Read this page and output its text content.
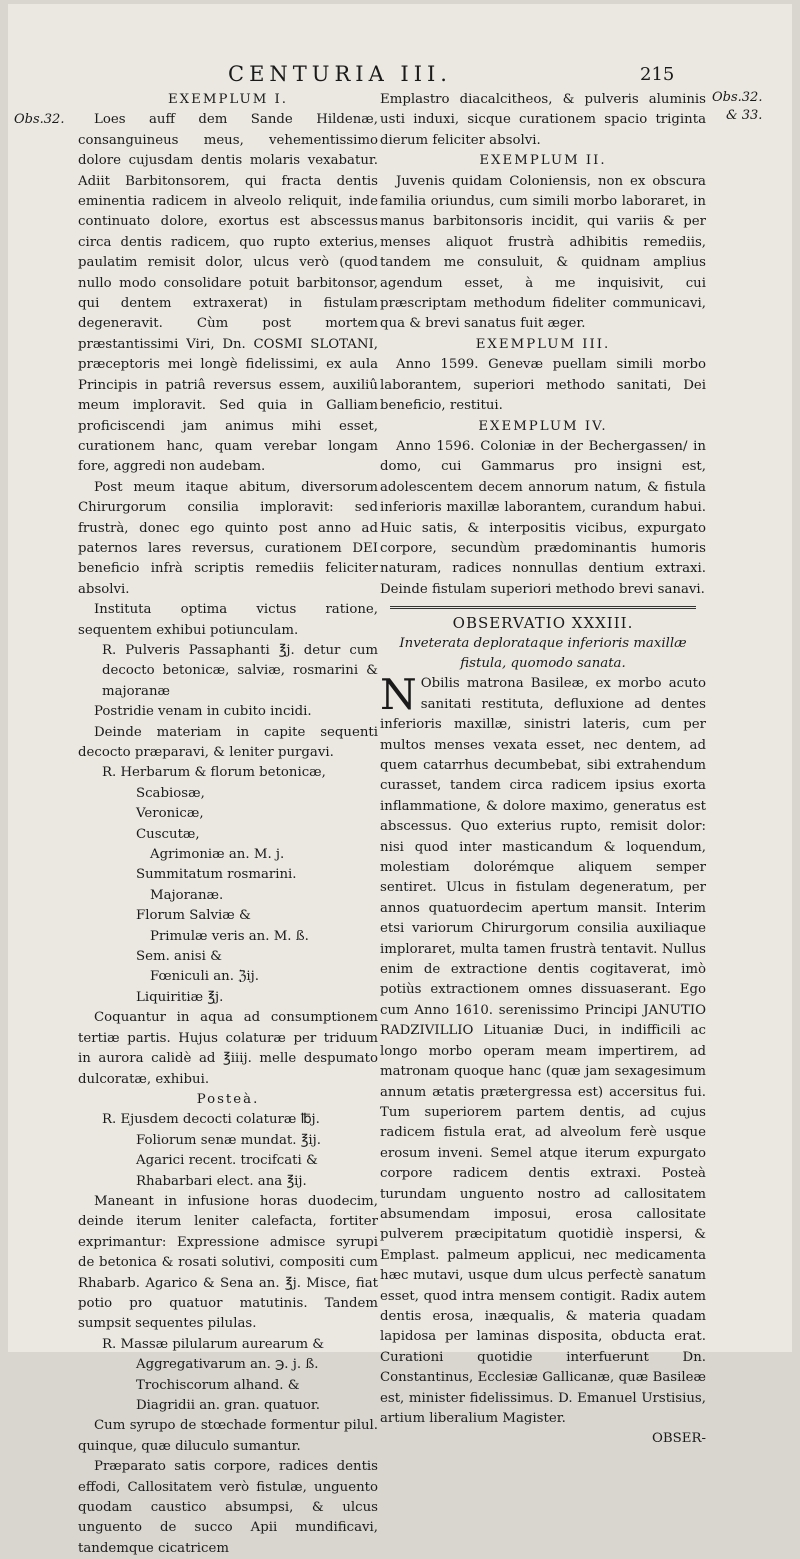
CENTURIA III.	215
Obs.32.
Obs.32.
& 33.

EXEMPLUM I.

Loes auff dem Sande Hildenæ, consanguineus meus, vehementissimo dolore cujusdam dentis molaris vexabatur. Adiit Barbitonsorem, qui fracta dentis eminentia radicem in alveolo reliquit, inde continuato dolore, exortus est abscessus circa dentis radicem, quo rupto exterius, paulatim remisit dolor, ulcus verò (quod nullo modo consolidare potuit barbitonsor, qui dentem extraxerat) in fistulam degeneravit. Cùm post mortem præstantissimi Viri, Dn. COSMI SLOTANI, præceptoris mei longè fidelissimi, ex aula Principis in patriâ reversus essem, auxiliû meum imploravit. Sed quia in Galliam proficiscendi jam animus mihi esset, curationem hanc, quam verebar longam fore, aggredi non audebam.

Post meum itaque abitum, diversorum Chirurgorum consilia imploravit: sed frustrà, donec ego quinto post anno ad paternos lares reversus, curationem DEI beneficio infrà scriptis remediis feliciter absolvi.

Instituta optima victus ratione, sequentem exhibui potiunculam.

R. Pulveris Passaphanti ℥j. detur cum decocto betonicæ, salviæ, rosmarini & majoranæ

Postridie venam in cubito incidi.

Deinde materiam in capite sequenti decocto præparavi, & leniter purgavi.

R. Herbarum & florum betonicæ,

Scabiosæ,

Veronicæ,

Cuscutæ,

Agrimoniæ an. M. j.

Summitatum rosmarini.

Majoranæ.

Florum Salviæ &

Primulæ veris an. M. ß.

Sem. anisi &

Fœniculi an. ℨij.

Liquiritiæ ℥j.

Coquantur in aqua ad consumptionem tertiæ partis. Hujus colaturæ per triduum in aurora calidè ad ℥iiij. melle despumato dulcoratæ, exhibui.

Posteà.

R. Ejusdem decocti colaturæ ℔j.

Foliorum senæ mundat. ℥ij.

Agarici recent. trocifcati &

Rhabarbari elect. ana ℥ij.

Maneant in infusione horas duodecim, deinde iterum leniter calefacta, fortiter exprimantur: Expressione admisce syrupi de betonica & rosati solutivi, compositi cum Rhabarb. Agarico & Sena an. ℥j. Misce, fiat potio pro quatuor matutinis. Tandem sumpsit sequentes pilulas.

R. Massæ pilularum aurearum &

Aggregativarum an. ℈. j. ß.

Trochiscorum alhand. &

Diagridii an. gran. quatuor.

Cum syrupo de stœchade formentur pilul. quinque, quæ diluculo sumantur.

Præparato satis corpore, radices dentis effodi, Callositatem verò fistulæ, unguento quodam caustico absumpsi, & ulcus unguento de succo Apii mundificavi, tandemque cicatricem

Emplastro diacalcitheos, & pulveris aluminis usti induxi, sicque curationem spacio triginta dierum feliciter absolvi.

EXEMPLUM II.

Juvenis quidam Coloniensis, non ex obscura familia oriundus, cum simili morbo laboraret, in manus barbitonsoris incidit, qui variis & per menses aliquot frustrà adhibitis remediis, tandem me consuluit, & quidnam amplius agendum esset, à me inquisivit, cui præscriptam methodum fideliter communicavi, qua & brevi sanatus fuit æger.

EXEMPLUM III.

Anno 1599. Genevæ puellam simili morbo laborantem, superiori methodo sanitati, Dei beneficio, restitui.

EXEMPLUM IV.

Anno 1596. Coloniæ in der Bechergassen/ in domo, cui Gammarus pro insigni est, adolescentem decem annorum natum, & fistula inferioris maxillæ laborantem, curandum habui. Huic satis, & interpositis vicibus, expurgato corpore, secundùm prædominantis humoris naturam, radices nonnullas dentium extraxi. Deinde fistulam superiori methodo brevi sanavi.

OBSERVATIO XXXIII.

Inveterata deplorataque inferioris maxillæ fistula, quomodo sanata.

N Obilis matrona Basileæ, ex morbo acuto sanitati restituta, defluxione ad dentes inferioris maxillæ, sinistri lateris, cum per multos menses vexata esset, nec dentem, ad quem catarrhus decumbebat, sibi extrahendum curasset, tandem circa radicem ipsius exorta inflammatione, & dolore maximo, generatus est abscessus. Quo exterius rupto, remisit dolor: nisi quod inter masticandum & loquendum, molestiam dolorémque aliquem semper sentiret. Ulcus in fistulam degeneratum, per annos quatuordecim apertum mansit. Interim etsi variorum Chirurgorum consilia auxiliaque imploraret, multa tamen frustrà tentavit. Nullus enim de extractione dentis cogitaverat, imò potiùs extractionem omnes dissuaserant. Ego cum Anno 1610. serenissimo Principi JANUTIO RADZIVILLIO Lituaniæ Duci, in indifficili ac longo morbo operam meam impertirem, ad matronam quoque hanc (quæ jam sexagesimum annum ætatis prætergressa est) accersitus fui. Tum superiorem partem dentis, ad cujus radicem fistula erat, ad alveolum ferè usque erosum inveni. Semel atque iterum expurgato corpore radicem dentis extraxi. Posteà turundam unguento nostro ad callositatem absumendam imposui, erosa callositate pulverem præcipitatum quotidiè inspersi, & Emplast. palmeum applicui, nec medicamenta hæc mutavi, usque dum ulcus perfectè sanatum esset, quod intra mensem contigit. Radix autem dentis erosa, inæqualis, & materia quadam lapidosa per laminas disposita, obducta erat. Curationi quotidie interfuerunt Dn. Constantinus, Ecclesiæ Gallicanæ, quæ Basileæ est, minister fidelissimus. D. Emanuel Urstisius, artium liberalium Magister.

OBSER-
